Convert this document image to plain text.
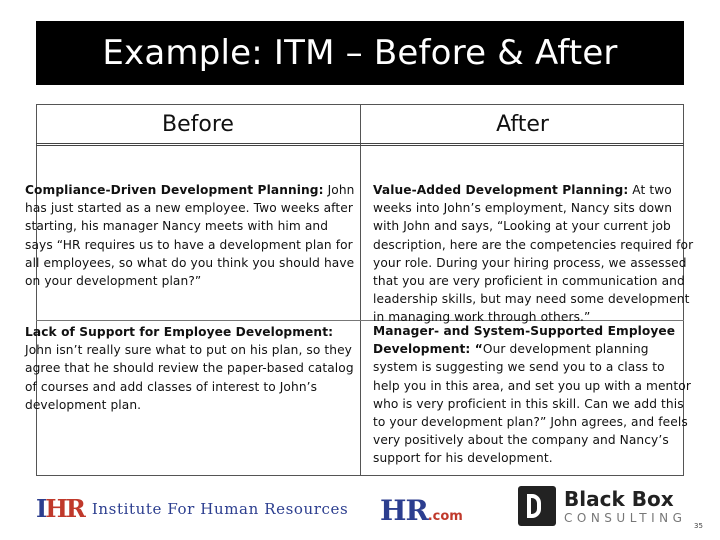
Example: ITM – Before & After
Before	After
Compliance-Driven Development Planning: John has just started as a new employee. Two weeks after starting, his manager Nancy meets with him and says “HR requires us to have a development plan for all employees, so what do you think you should have on your development plan?”
Lack of Support for Employee Development: John isn’t really sure what to put on his plan, so they agree that he should review the paper-based catalog of courses and add classes of interest to John’s development plan.
Value-Added Development Planning: At two weeks into John’s employment, Nancy sits down with John and says, “Looking at your current job description, here are the competencies required for your role. During your hiring process, we assessed that you are very proficient in communication and leadership skills, but may need some development in managing work through others.”
Manager- and System-Supported Employee Development: “Our development planning system is suggesting we send you to a class to help you in this area, and set you up with a mentor who is very proficient in this skill. Can we add this to your development plan?” John agrees, and feels very positively about the company and Nancy’s support for his development.
IHR Institute For Human Resources HR .com
Black Box
CONSULTING
35
